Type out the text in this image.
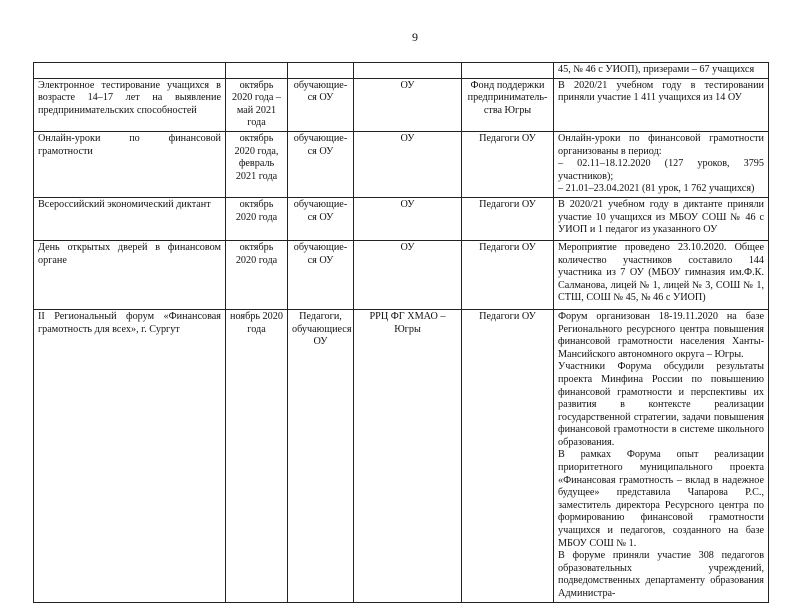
9
					45, № 46 с УИОП), призерами – 67 учащихся
Электронное тестирование учащихся в возрасте 14–17 лет на выявление предпринимательских способностей	октябрь 2020 года – май 2021 года	обучающие-ся ОУ	ОУ	Фонд поддержки предприниматель-ства Югры	В 2020/21 учебном году в тестировании приняли участие 1 411 учащихся из 14 ОУ

Онлайн-уроки по финансовой грамотности	октябрь 2020 года, февраль 2021 года	обучающие-ся ОУ	ОУ	Педагоги ОУ	Онлайн-уроки по финансовой грамотности организованы в период:
– 02.11–18.12.2020 (127 уроков, 3795 участников);
– 21.01–23.04.2021 (81 урок, 1 762 учащихся)

Всероссийский экономический диктант	октябрь 2020 года	обучающие-ся ОУ	ОУ	Педагоги ОУ	В 2020/21 учебном году в диктанте приняли участие 10 учащихся из МБОУ СОШ № 46 с УИОП и 1 педагог из указанного ОУ

День открытых дверей в финансовом органе	октябрь 2020 года	обучающие-ся ОУ	ОУ	Педагоги ОУ	Мероприятие проведено 23.10.2020. Общее количество участников составило 144 участника из 7 ОУ (МБОУ гимназия им.Ф.К. Салманова, лицей № 1, лицей № 3, СОШ № 1, СТШ, СОШ № 45, № 46 с УИОП)

II Региональный форум «Финансовая грамотность для всех», г. Сургут	ноябрь 2020 года	Педагоги, обучающиеся ОУ	РРЦ ФГ ХМАО – Югры	Педагоги ОУ	Форум организован 18-19.11.2020 на базе Регионального ресурсного центра повышения финансовой грамотности населения Ханты-Мансийского автономного округа – Югры.
Участники Форума обсудили результаты проекта Минфина России по повышению финансовой грамотности и перспективы их развития в контексте реализации государственной стратегии, задачи повышения финансовой грамотности в системе школьного образования.
В рамках Форума опыт реализации приоритетного муниципального проекта «Финансовая грамотность – вклад в надежное будущее» представила Чапарова Р.С., заместитель директора Ресурсного центра по формированию финансовой грамотности учащихся и педагогов, созданного на базе МБОУ СОШ № 1.
В форуме приняли участие 308 педагогов образовательных учреждений, подведомственных департаменту образования Администра-
